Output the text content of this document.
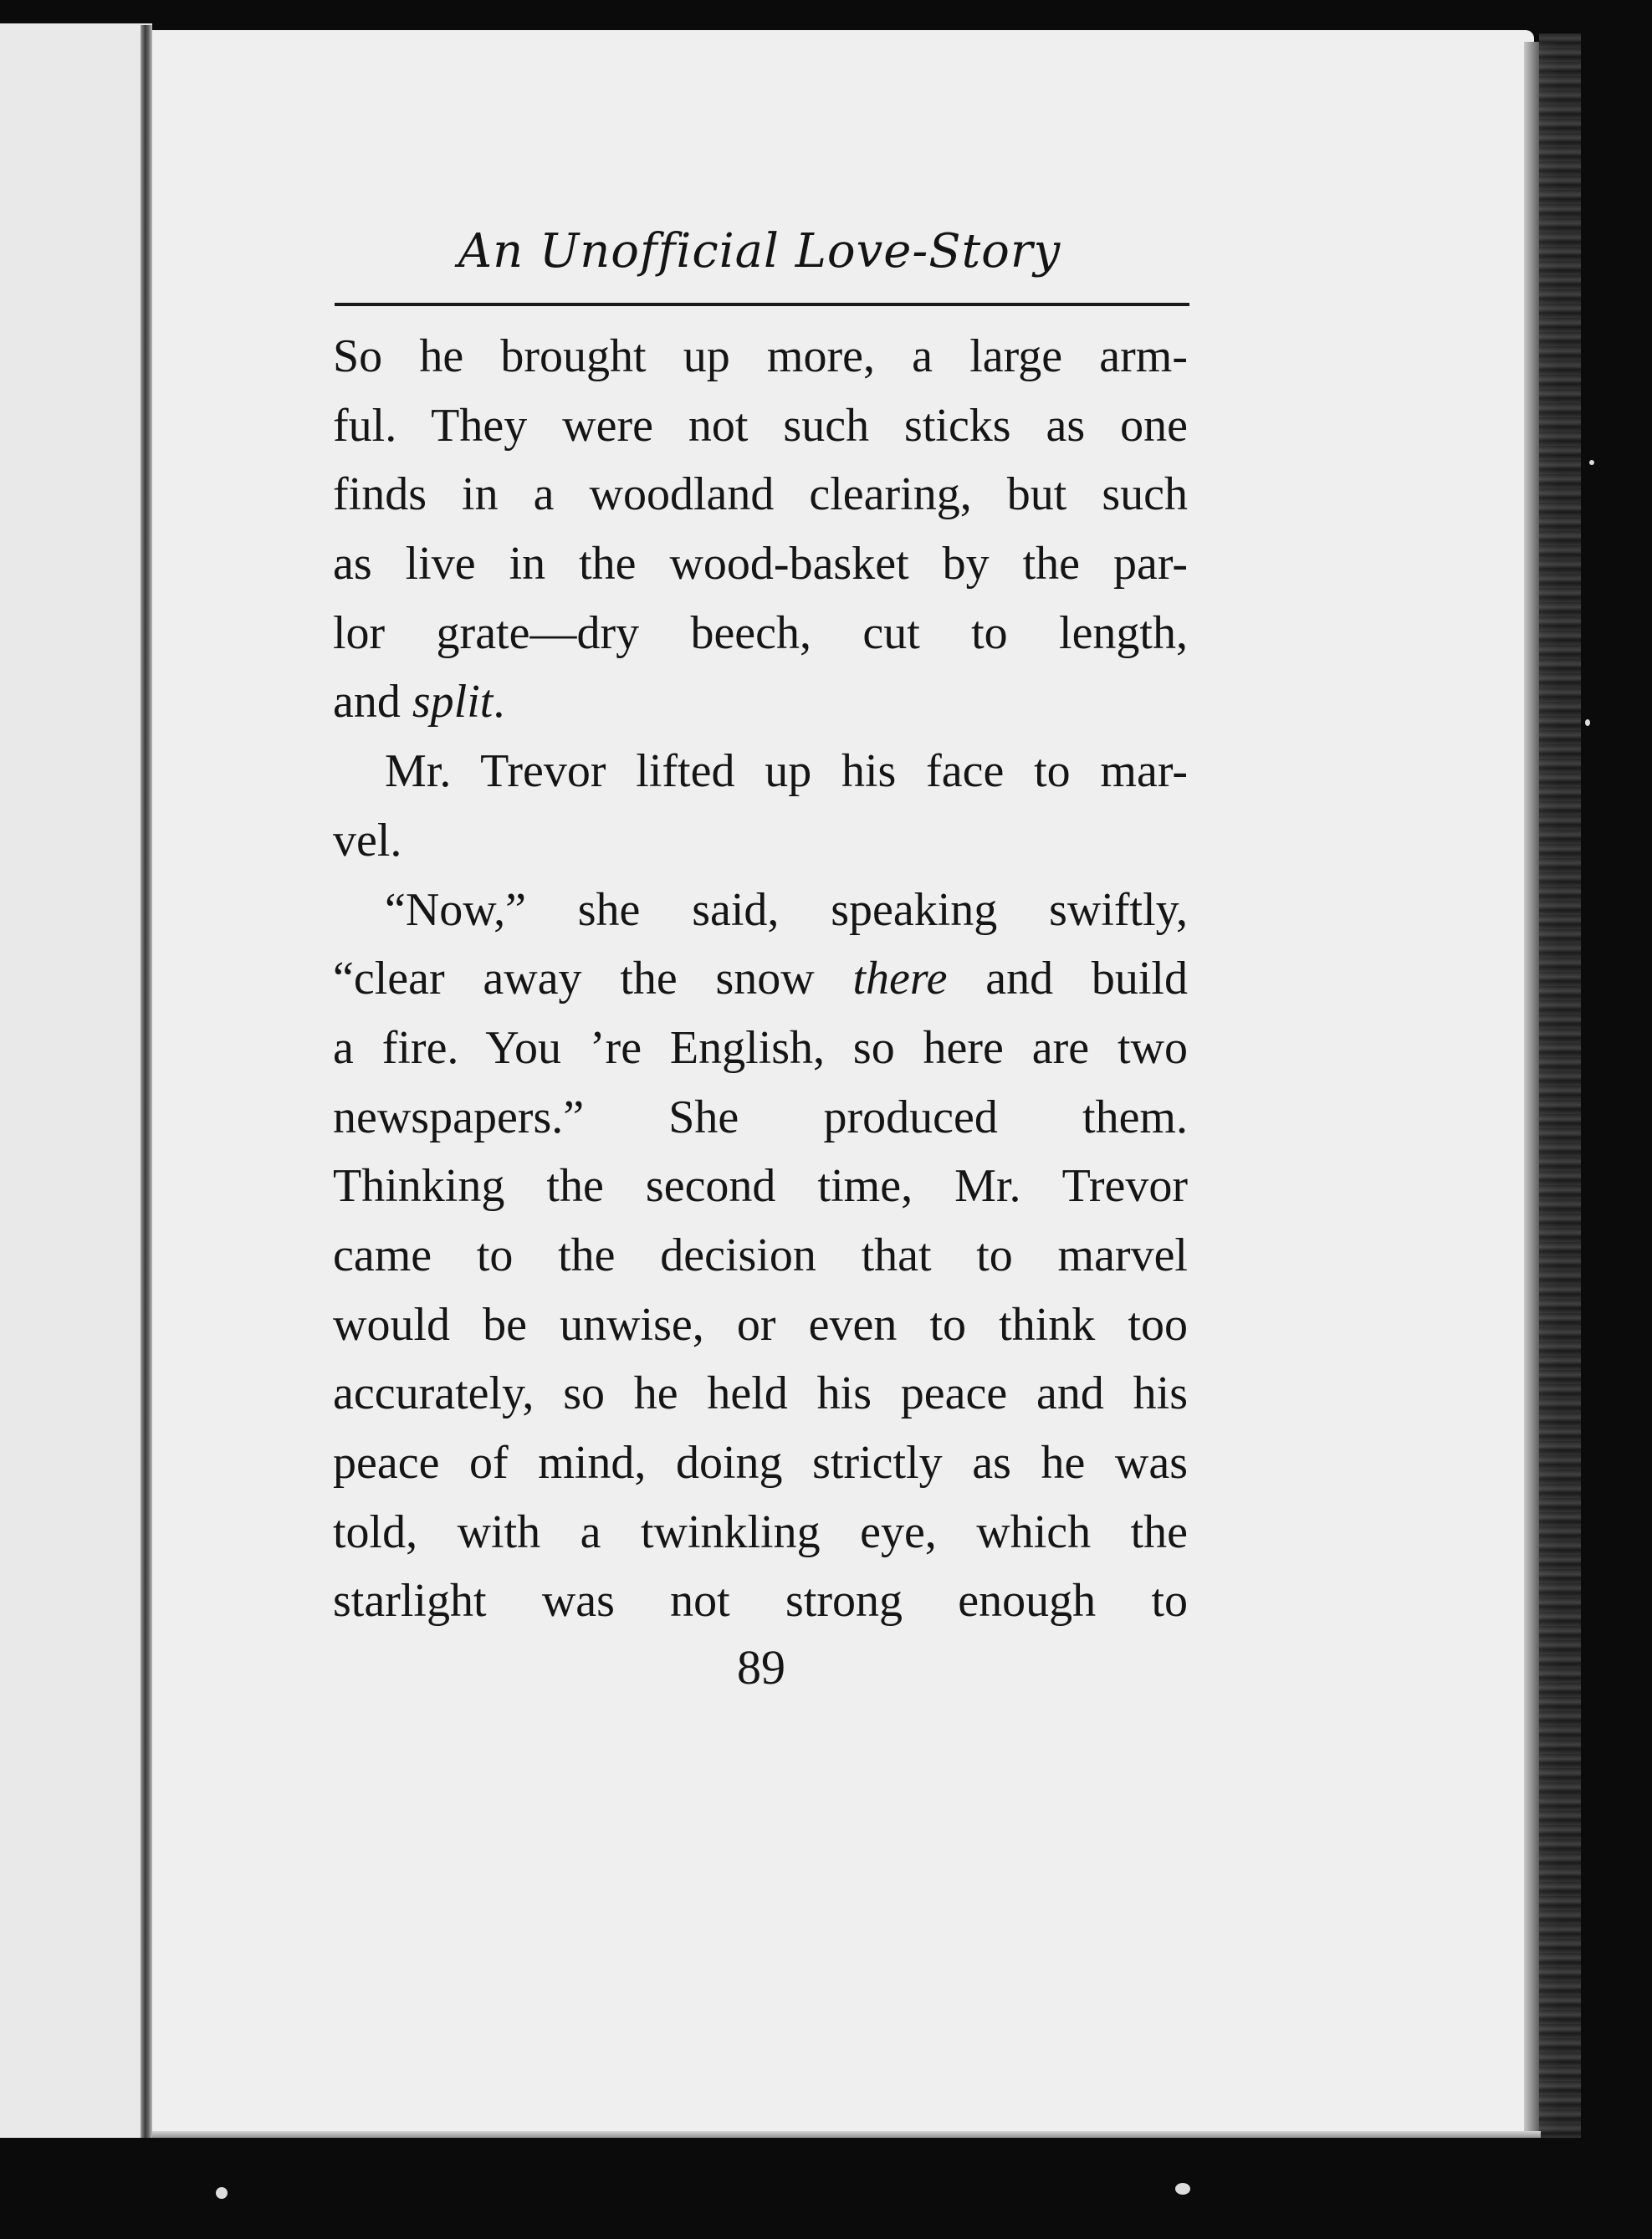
An Unofficial Love-Story
So he brought up more, a large arm-
ful. They were not such sticks as one
finds in a woodland clearing, but such
as live in the wood-basket by the par-
lor grate—dry beech, cut to length,
and split.
Mr. Trevor lifted up his face to mar-
vel.
“Now,” she said, speaking swiftly,
“clear away the snow there and build
a fire. You ’re English, so here are two
newspapers.” She produced them.
Thinking the second time, Mr. Trevor
came to the decision that to marvel
would be unwise, or even to think too
accurately, so he held his peace and his
peace of mind, doing strictly as he was
told, with a twinkling eye, which the
starlight was not strong enough to
89
